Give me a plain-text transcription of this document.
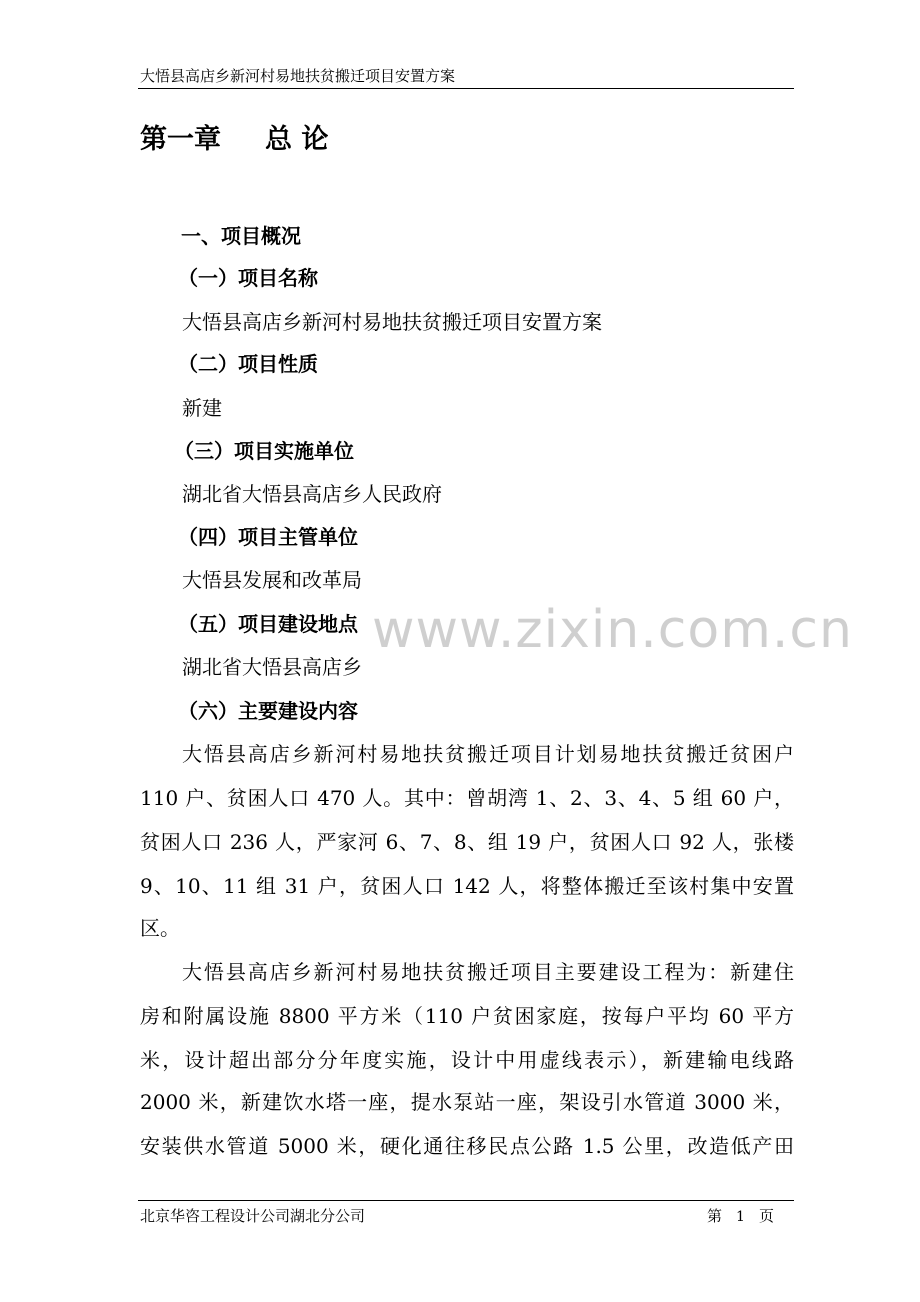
大悟县高店乡新河村易地扶贫搬迁项目安置方案
第一章 总 论
一、项目概况
（一）项目名称
大悟县高店乡新河村易地扶贫搬迁项目安置方案
（二）项目性质
新建
（三）项目实施单位
湖北省大悟县高店乡人民政府
（四）项目主管单位
大悟县发展和改革局
（五）项目建设地点
湖北省大悟县高店乡
（六）主要建设内容
大悟县高店乡新河村易地扶贫搬迁项目计划易地扶贫搬迁贫困户
110 户、贫困人口 470 人。其中：曾胡湾 1、2、3、4、5 组 60 户，
贫困人口 236 人，严家河 6、7、8、组 19 户，贫困人口 92 人，张楼
9、10、11 组 31 户，贫困人口 142 人，将整体搬迁至该村集中安置
区。
大悟县高店乡新河村易地扶贫搬迁项目主要建设工程为：新建住
房和附属设施 8800 平方米（110 户贫困家庭，按每户平均 60 平方
米，设计超出部分分年度实施，设计中用虚线表示），新建输电线路
2000 米，新建饮水塔一座，提水泵站一座，架设引水管道 3000 米，
安装供水管道 5000 米，硬化通往移民点公路 1.5 公里，改造低产田
www.zixin.com.cn
北京华咨工程设计公司湖北分公司	第 1 页
